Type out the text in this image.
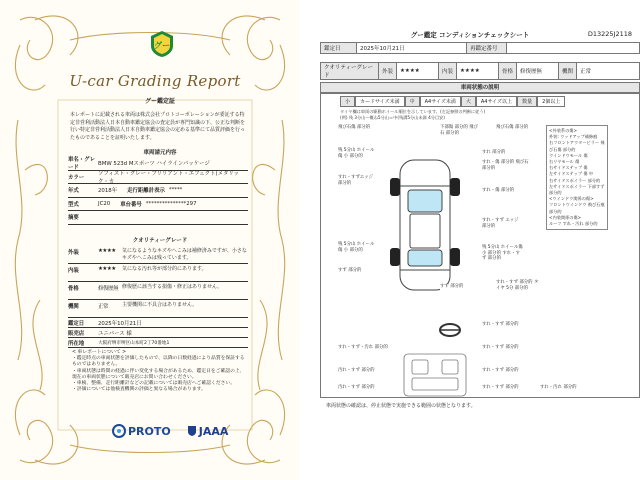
グー
U-car Grading Report
グー鑑定証
本レポートに記載される車両は株式会社プロトコーポレーションが委託する特定非営利活動法人日本自動車鑑定協会の査定員が専門知識の下、公正な判断を行い特定非営利活動法人日本自動車鑑定協会の定める基準にて品質評価を行ったものであることを証明いたします。
車両請元内容
車名・グレード
BMW 523d Mスポーツ ハイラインパッケージ
カラー
ソフィスト・グレー・ブリリアント・エフェクト(メタリック・カ
年式	2018年 走行距離計表示 *****
型式	JC20 車台番号 ***************297
摘要
クオリティーグレード
外装	★★★★	気になるようなキズやへこみは補修済みですが、小さなキズやへこみは残っています。
内装	★★★★	気になる汚れ等が部分的にあります。
骨格	修復歴無 修復歴に該当する損傷・修正はありません。
機関	正常	主要機関に不具合はありません。
鑑定日	2025年10月21日
販売店	ユニバース 様
所在地	大阪府堺市堺区山本町2丁70番地1
< 車レポートについて >
・鑑定時点の車両状態を評価したもので、以降の日数経過により品質を保証するものではありません。
・車両状態は時間の経過に伴い変化する場合があるため、鑑定日をご確認の上、現在の車両状態について販売店にお問い合わせください。
・車検、整備、走行距離計などの記載については販売店へご確認ください。
・評価については他検査機関の評価と異なる場合があります。
PROTO	JAAA
グー鑑定 コンディションチェックシート	D13225J2118
鑑定日	2025年10月21日	再鑑定番号	
クオリティーグレード	外装	★★★★	内装	★★★★	骨格	修復歴無	機関	正常
車両状態の説明
小	カードサイズ未満	中	A4サイズ未満	大	A4サイズ以上	数量	2個以上
タイヤ欄は車両の駆動ホイール順位を示しています。(左記参照の判断に従う)
(例) 残 3分山～概ね5分山＝中(残溝5分山未満 4分目安)
飛び石傷 部分的	下部傷 部分的 飛び石 部分的
飛び石傷 部分的
残 5分山 ホイール傷 小 部分的
すれ 部分的
すれ・傷 部分的 飛び石 部分的
すれ・すずエッジ 部分的
すれ・傷 部分的
すれ・すず エッジ 部分的
残 5分山 ホイール傷 小 部分的 すれ・すず 部分的
残 5分山 ホイール傷 小 部分的
すれ・すず 部分的 タイヤ 5分 部分的
すず 部分的
すず 部分的
すれ・すず 部分的
すれ・すず・汚れ 部分的	すれ・すず 部分的
汚れ・すず 部分的	すれ・すず 部分的
汚れ・すず 部分的	すれ・すず 部分的	すれ・汚れ 部分的
<外装系の傷>
外装: ウッドアップ補修痕
右フロントアウターピラー 飛び石傷 部分的
ウインドウモール 傷
右リヤモール 傷
右サイドステップ 傷
左サイドステップ 傷 中
右サイドスポイラー 部分的
左サイドスポイラー 下部すず 部分的
<ウインドウ関係の傷>
フロントウインドウ 飛び石痕 部分的
<内装関係の傷>
ルーフ すれ・汚れ 部分的
車両状態の確認は、停止状態で実施できる範囲の状態となります。
